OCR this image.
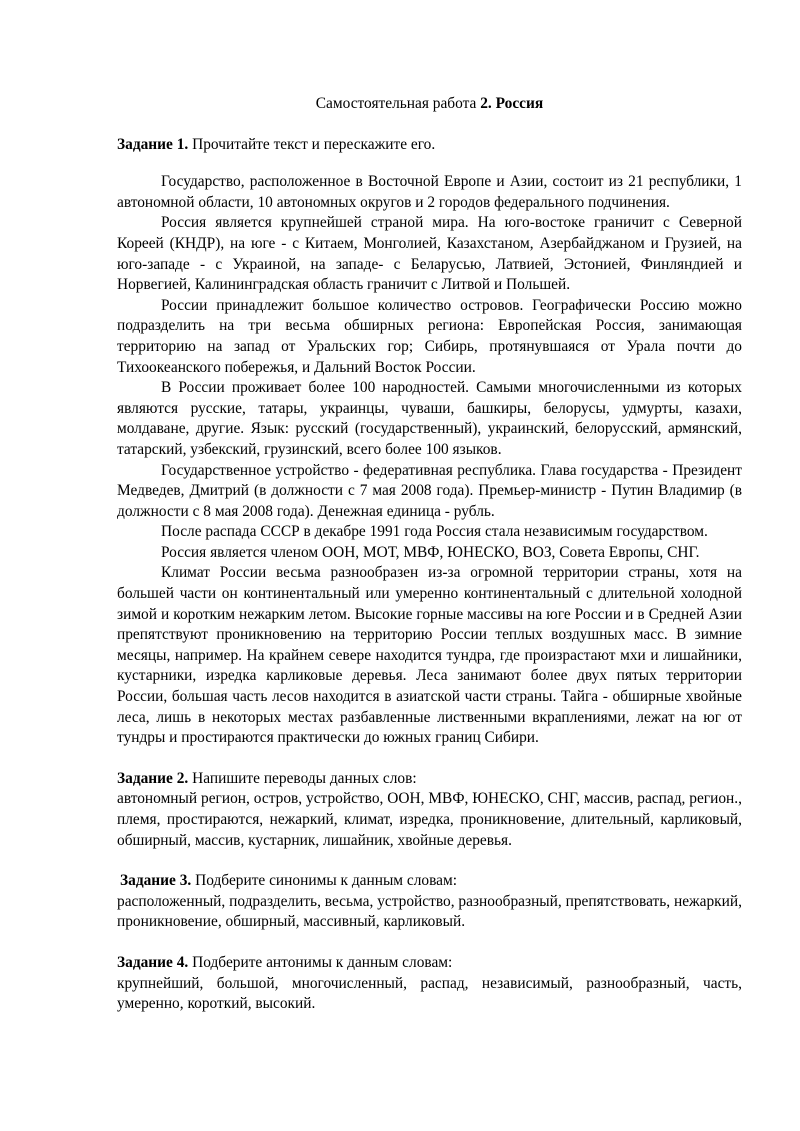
Самостоятельная работа 2. Россия

Задание 1. Прочитайте текст и перескажите его.

Государство, расположенное в Восточной Европе и Азии, состоит из 21 республики, 1 автономной области, 10 автономных округов и 2 городов федерального подчинения.

Россия является крупнейшей страной мира. На юго-востоке граничит с Северной Кореей (КНДР), на юге - с Китаем, Монголией, Казахстаном, Азербайджаном и Грузией, на юго-западе - с Украиной, на западе- с Беларусью, Латвией, Эстонией, Финляндией и Норвегией, Калининградская область граничит с Литвой и Польшей.

России принадлежит большое количество островов. Географически Россию можно подразделить на три весьма обширных региона: Европейская Россия, занимающая территорию на запад от Уральских гор; Сибирь, протянувшаяся от Урала почти до Тихоокеанского побережья, и Дальний Восток России.

В России проживает более 100 народностей. Самыми многочисленными из которых являются русские, татары, украинцы, чуваши, башкиры, белорусы, удмурты, казахи, молдаване, другие. Язык: русский (государственный), украинский, белорусский, армянский, татарский, узбекский, грузинский, всего более 100 языков.

Государственное устройство - федеративная республика. Глава государства - Президент Медведев, Дмитрий (в должности с 7 мая 2008 года). Премьер-министр - Путин Владимир (в должности с 8 мая 2008 года). Денежная единица - рубль.

После распада СССР в декабре 1991 года Россия стала независимым государством.

Россия является членом ООН, МОТ, МВФ, ЮНЕСКО, ВОЗ, Совета Европы, СНГ.

Климат России весьма разнообразен из-за огромной территории страны, хотя на большей части он континентальный или умеренно континентальный с длительной холодной зимой и коротким нежарким летом. Высокие горные массивы на юге России и в Средней Азии препятствуют проникновению на территорию России теплых воздушных масс. В зимние месяцы, например. На крайнем севере находится тундра, где произрастают мхи и лишайники, кустарники, изредка карликовые деревья. Леса занимают более двух пятых территории России, большая часть лесов находится в азиатской части страны. Тайга - обширные хвойные леса, лишь в некоторых местах разбавленные лиственными вкраплениями, лежат на юг от тундры и простираются практически до южных границ Сибири.

Задание 2. Напишите переводы данных слов:

автономный регион, остров, устройство, ООН, МВФ, ЮНЕСКО, СНГ, массив, распад, регион., племя, простираются, нежаркий, климат, изредка, проникновение, длительный, карликовый, обширный, массив, кустарник, лишайник, хвойные деревья.

Задание 3. Подберите синонимы к данным словам:

расположенный, подразделить, весьма, устройство, разнообразный, препятствовать, нежаркий, проникновение, обширный, массивный, карликовый.

Задание 4. Подберите антонимы к данным словам:

крупнейший, большой, многочисленный, распад, независимый, разнообразный, часть, умеренно, короткий, высокий.
